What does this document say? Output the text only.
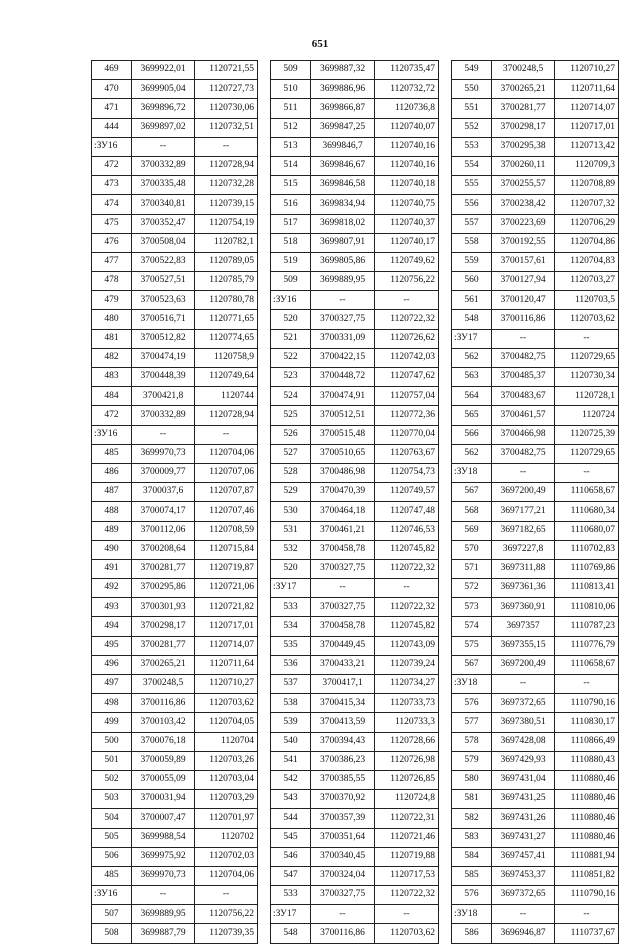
651
469	3699922,01	1120721,55
470	3699905,04	1120727,73
471	3699896,72	1120730,06
444	3699897,02	1120732,51
:ЗУ16	--	--
472	3700332,89	1120728,94
473	3700335,48	1120732,28
474	3700340,81	1120739,15
475	3700352,47	1120754,19
476	3700508,04	1120782,1
477	3700522,83	1120789,05
478	3700527,51	1120785,79
479	3700523,63	1120780,78
480	3700516,71	1120771,65
481	3700512,82	1120774,65
482	3700474,19	1120758,9
483	3700448,39	1120749,64
484	3700421,8	1120744
472	3700332,89	1120728,94
:ЗУ16	--	--
485	3699970,73	1120704,06
486	3700009,77	1120707,06
487	3700037,6	1120707,87
488	3700074,17	1120707,46
489	3700112,06	1120708,59
490	3700208,64	1120715,84
491	3700281,77	1120719,87
492	3700295,86	1120721,06
493	3700301,93	1120721,82
494	3700298,17	1120717,01
495	3700281,77	1120714,07
496	3700265,21	1120711,64
497	3700248,5	1120710,27
498	3700116,86	1120703,62
499	3700103,42	1120704,05
500	3700076,18	1120704
501	3700059,89	1120703,26
502	3700055,09	1120703,04
503	3700031,94	1120703,29
504	3700007,47	1120701,97
505	3699988,54	1120702
506	3699975,92	1120702,03
485	3699970,73	1120704,06
:ЗУ16	--	--
507	3699889,95	1120756,22
508	3699887,79	1120739,35
509	3699887,32	1120735,47
510	3699886,96	1120732,72
511	3699866,87	1120736,8
512	3699847,25	1120740,07
513	3699846,7	1120740,16
514	3699846,67	1120740,16
515	3699846,58	1120740,18
516	3699834,94	1120740,75
517	3699818,02	1120740,37
518	3699807,91	1120740,17
519	3699805,86	1120749,62
509	3699889,95	1120756,22
:ЗУ16	--	--
520	3700327,75	1120722,32
521	3700331,09	1120726,62
522	3700422,15	1120742,03
523	3700448,72	1120747,62
524	3700474,91	1120757,04
525	3700512,51	1120772,36
526	3700515,48	1120770,04
527	3700510,65	1120763,67
528	3700486,98	1120754,73
529	3700470,39	1120749,57
530	3700464,18	1120747,48
531	3700461,21	1120746,53
532	3700458,78	1120745,82
520	3700327,75	1120722,32
:ЗУ17	--	--
533	3700327,75	1120722,32
534	3700458,78	1120745,82
535	3700449,45	1120743,09
536	3700433,21	1120739,24
537	3700417,1	1120734,27
538	3700415,34	1120733,73
539	3700413,59	1120733,3
540	3700394,43	1120728,66
541	3700386,23	1120726,98
542	3700385,55	1120726,85
543	3700370,92	1120724,8
544	3700357,39	1120722,31
545	3700351,64	1120721,46
546	3700340,45	1120719,88
547	3700324,04	1120717,53
533	3700327,75	1120722,32
:ЗУ17	--	--
548	3700116,86	1120703,62
549	3700248,5	1120710,27
550	3700265,21	1120711,64
551	3700281,77	1120714,07
552	3700298,17	1120717,01
553	3700295,38	1120713,42
554	3700260,11	1120709,3
555	3700255,57	1120708,89
556	3700238,42	1120707,32
557	3700223,69	1120706,29
558	3700192,55	1120704,86
559	3700157,61	1120704,83
560	3700127,94	1120703,27
561	3700120,47	1120703,5
548	3700116,86	1120703,62
:ЗУ17	--	--
562	3700482,75	1120729,65
563	3700485,37	1120730,34
564	3700483,67	1120728,1
565	3700461,57	1120724
566	3700466,98	1120725,39
562	3700482,75	1120729,65
:ЗУ18	--	--
567	3697200,49	1110658,67
568	3697177,21	1110680,34
569	3697182,65	1110680,07
570	3697227,8	1110702,83
571	3697311,88	1110769,86
572	3697361,36	1110813,41
573	3697360,91	1110810,06
574	3697357	1110787,23
575	3697355,15	1110776,79
567	3697200,49	1110658,67
:ЗУ18	--	--
576	3697372,65	1110790,16
577	3697380,51	1110830,17
578	3697428,08	1110866,49
579	3697429,93	1110880,43
580	3697431,04	1110880,46
581	3697431,25	1110880,46
582	3697431,26	1110880,46
583	3697431,27	1110880,46
584	3697457,41	1110881,94
585	3697453,37	1110851,82
576	3697372,65	1110790,16
:ЗУ18	--	--
586	3696946,87	1110737,67
